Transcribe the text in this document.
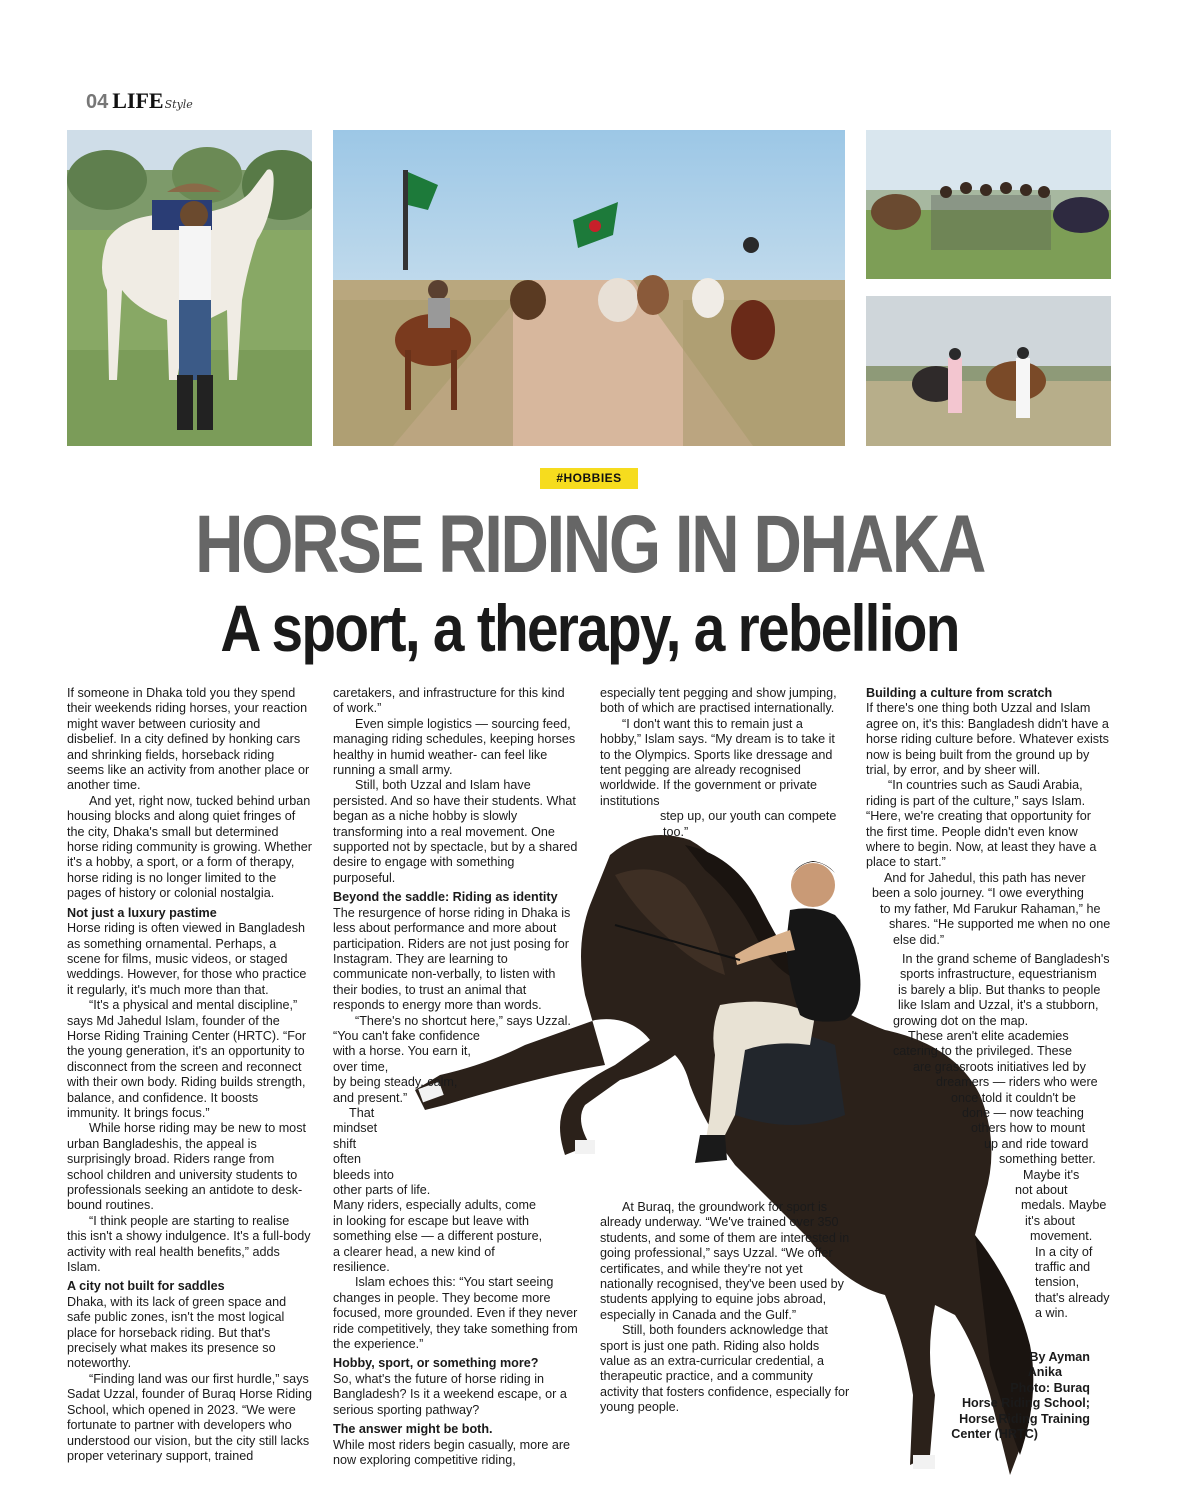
04 LIFEStyle
#HOBBIES
HORSE RIDING IN DHAKA
A sport, a therapy, a rebellion

If someone in Dhaka told you they spend their weekends riding horses, your reaction might waver between curiosity and disbelief. In a city defined by honking cars and shrinking fields, horseback riding seems like an activity from another place or another time.

And yet, right now, tucked behind urban housing blocks and along quiet fringes of the city, Dhaka's small but determined horse riding community is growing. Whether it's a hobby, a sport, or a form of therapy, horse riding is no longer limited to the pages of history or colonial nostalgia.

Not just a luxury pastime

Horse riding is often viewed in Bangladesh as something ornamental. Perhaps, a scene for films, music videos, or staged weddings. However, for those who practice it regularly, it's much more than that.

“It's a physical and mental discipline,” says Md Jahedul Islam, founder of the Horse Riding Training Center (HRTC). “For the young generation, it's an opportunity to disconnect from the screen and reconnect with their own body. Riding builds strength, balance, and confidence. It boosts immunity. It brings focus.”

While horse riding may be new to most urban Bangladeshis, the appeal is surprisingly broad. Riders range from school children and university students to professionals seeking an antidote to desk-bound routines.

“I think people are starting to realise this isn't a showy indulgence. It's a full-body activity with real health benefits,” adds Islam.

A city not built for saddles

Dhaka, with its lack of green space and safe public zones, isn't the most logical place for horseback riding. But that's precisely what makes its presence so noteworthy.

“Finding land was our first hurdle,” says Sadat Uzzal, founder of Buraq Horse Riding School, which opened in 2023. “We were fortunate to partner with developers who understood our vision, but the city still lacks proper veterinary support, trained

caretakers, and infrastructure for this kind of work.”

Even simple logistics — sourcing feed, managing riding schedules, keeping horses healthy in humid weather- can feel like running a small army.

Still, both Uzzal and Islam have persisted. And so have their students. What began as a niche hobby is slowly transforming into a real movement. One supported not by spectacle, but by a shared desire to engage with something purposeful.

Beyond the saddle: Riding as identity

The resurgence of horse riding in Dhaka is less about performance and more about participation. Riders are not just posing for Instagram. They are learning to communicate non-verbally, to listen with their bodies, to trust an animal that responds to energy more than words.

“There's no shortcut here,” says Uzzal.

“You can't fake confidence with a horse. You earn it, over time,

by being steady, calm,

and present.”

That

mindset

shift

often

bleeds into

other parts of life.

Many riders, especially adults, come in looking for escape but leave with something else — a different posture, a clearer head, a new kind of resilience.

Islam echoes this: “You start seeing changes in people. They become more focused, more grounded. Even if they never ride competitively, they take something from the experience.”

Hobby, sport, or something more?

So, what's the future of horse riding in Bangladesh? Is it a weekend escape, or a serious sporting pathway?

The answer might be both.

While most riders begin casually, more are now exploring competitive riding,

especially tent pegging and show jumping, both of which are practised internationally.

“I don't want this to remain just a hobby,” Islam says. “My dream is to take it to the Olympics. Sports like dressage and tent pegging are already recognised worldwide. If the government or private institutions

step up, our youth can compete

too.”

At Buraq, the groundwork for sport is already underway. “We've trained over 350 students, and some of them are interested in going professional,” says Uzzal. “We offer certificates, and while they're not yet nationally recognised, they've been used by students applying to equine jobs abroad, especially in Canada and the Gulf.”

Still, both founders acknowledge that sport is just one path. Riding also holds value as an extra-curricular credential, a therapeutic practice, and a community activity that fosters confidence, especially for young people.

Building a culture from scratch

If there's one thing both Uzzal and Islam agree on, it's this: Bangladesh didn't have a horse riding culture before. Whatever exists now is being built from the ground up by trial, by error, and by sheer will.

“In countries such as Saudi Arabia, riding is part of the culture,” says Islam. “Here, we're creating that opportunity for the first time. People didn't even know where to begin. Now, at least they have a place to start.”

And for Jahedul, this path has never

been a solo journey. “I owe everything

to my father, Md Farukur Rahaman,” he

shares. “He supported me when no one

else did.”

In the grand scheme of Bangladesh's

sports infrastructure, equestrianism

is barely a blip. But thanks to people

like Islam and Uzzal, it's a stubborn,

growing dot on the map.

These aren't elite academies

catering to the privileged. These

are grassroots initiatives led by

dreamers — riders who were

once told it couldn't be

done — now teaching

others how to mount

up and ride toward

something better.

Maybe it's

not about

medals. Maybe

it's about

movement.

In a city of

traffic and

tension,

that's already

a win.

By Ayman
Anika
Photo: Buraq
Horse Riding School;
Horse Riding Training
Center (HRTC)
